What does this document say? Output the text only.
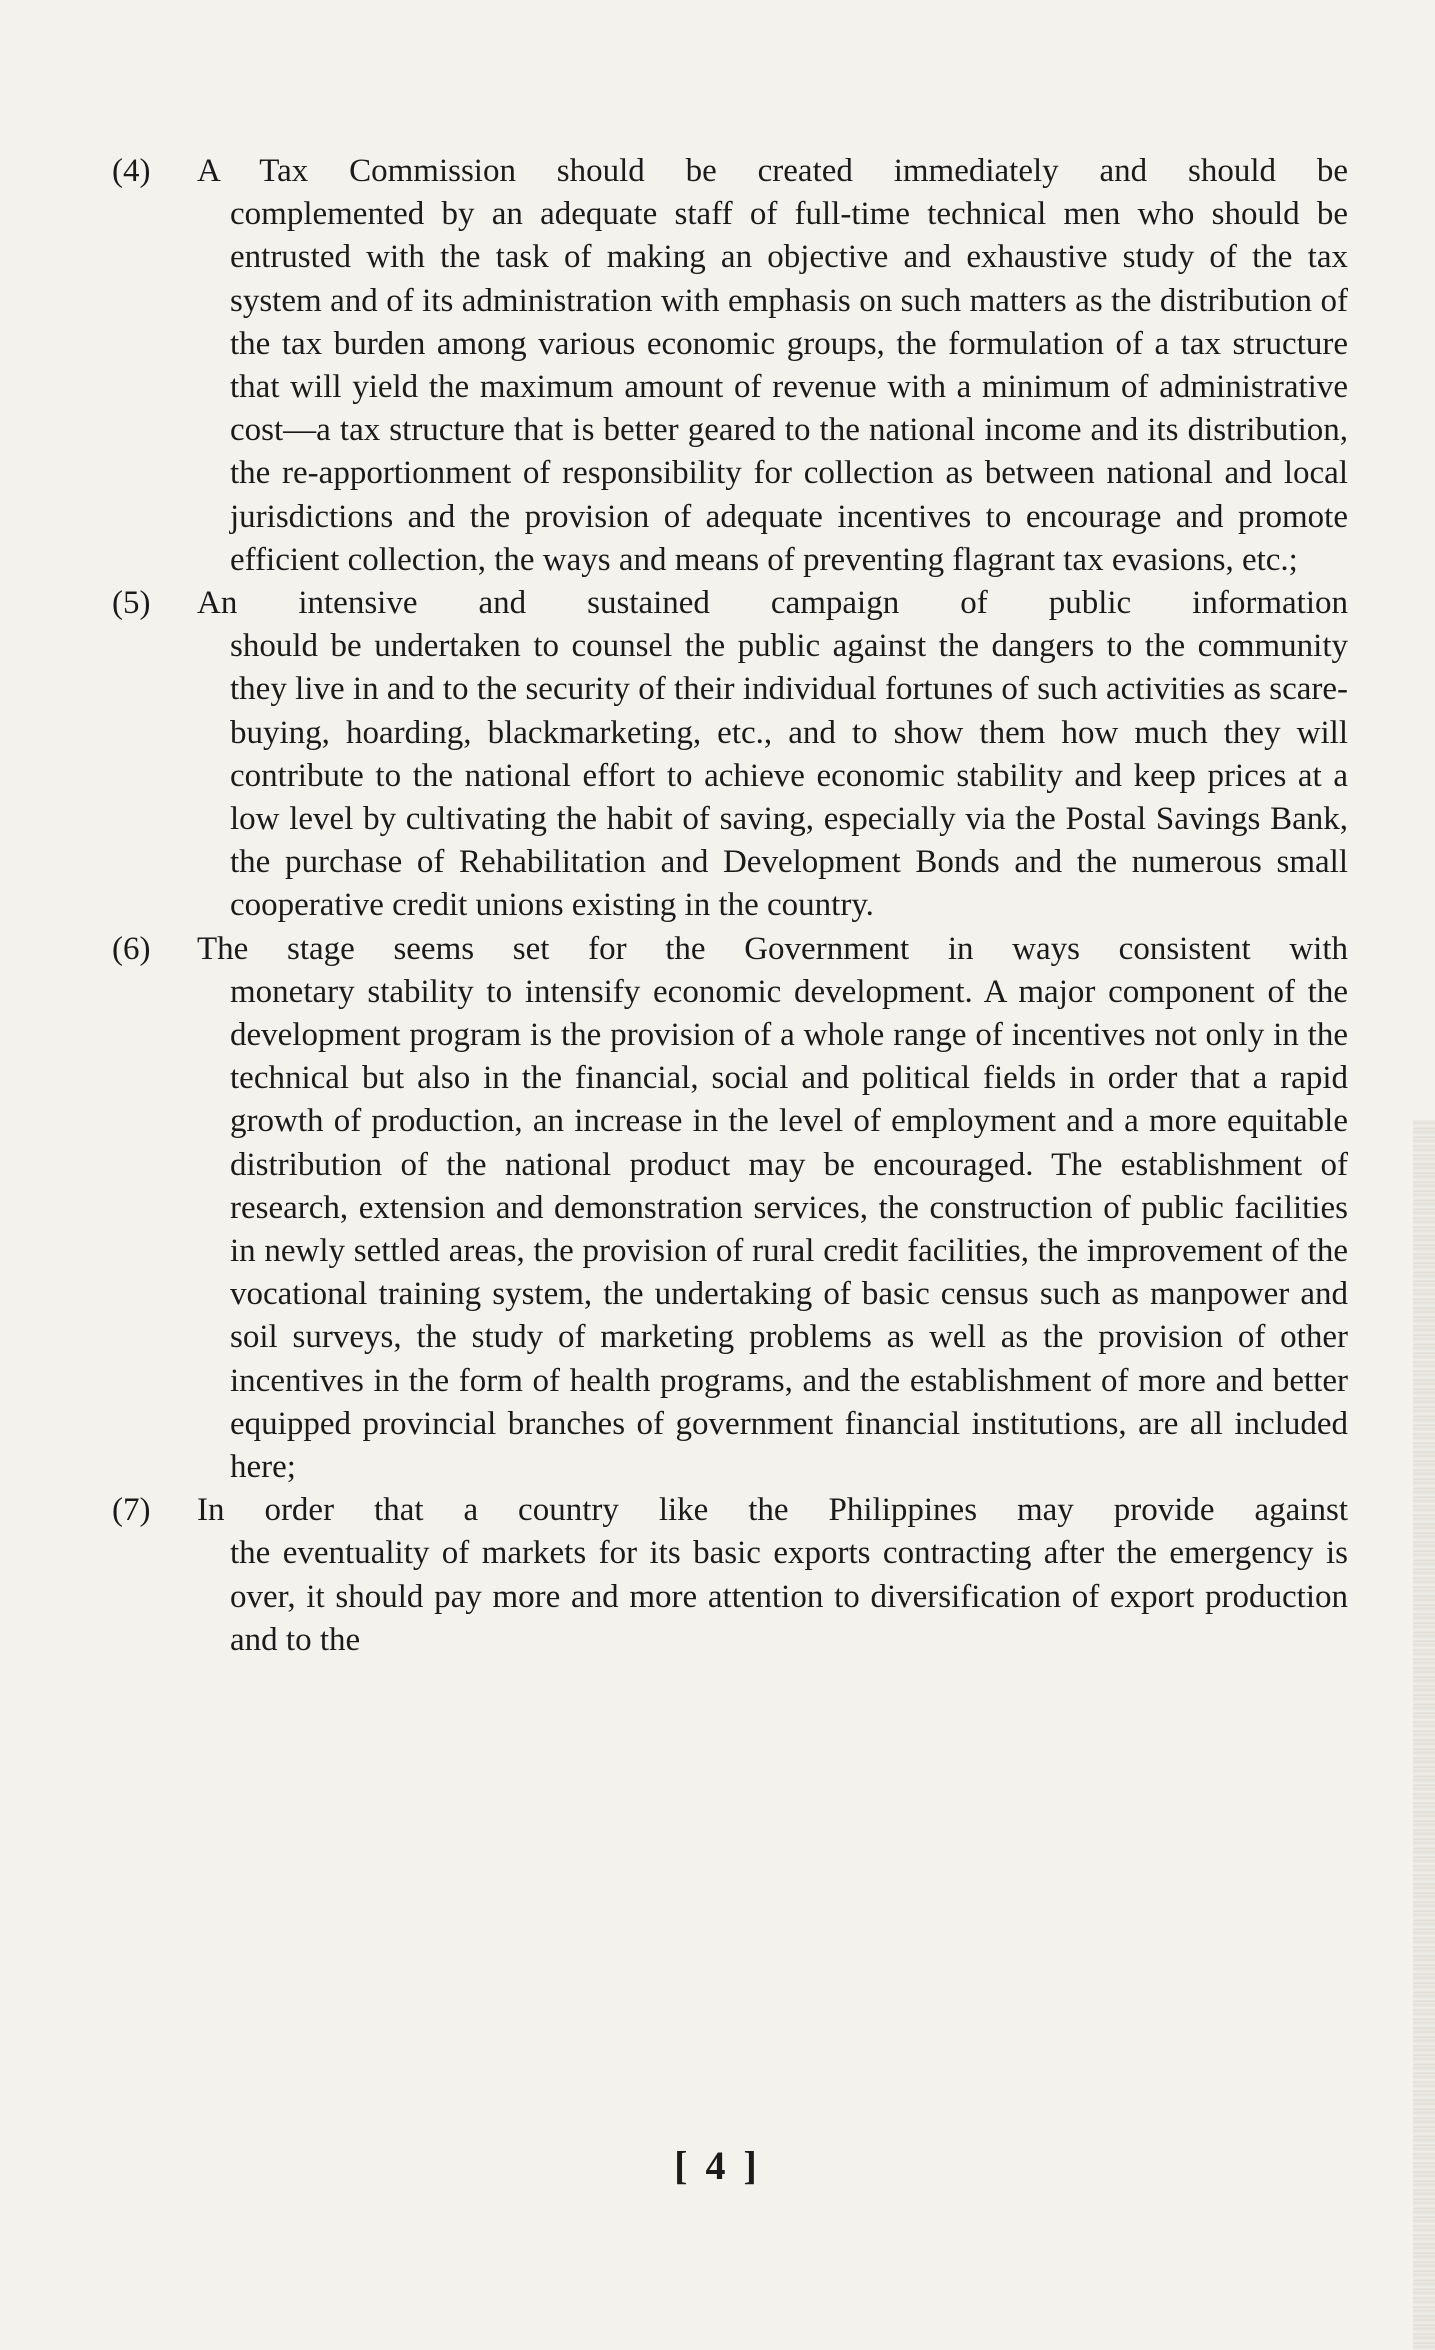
(4)	A Tax Commission should be created immediately and should be

complemented by an adequate staff of full-time technical men who should be entrusted with the task of making an objective and exhaustive study of the tax system and of its administration with emphasis on such matters as the distribution of the tax burden among various economic groups, the formulation of a tax structure that will yield the maximum amount of revenue with a minimum of administrative cost—a tax structure that is better geared to the national income and its distribution, the re-apportionment of responsibility for collection as between national and local jurisdictions and the provision of adequate incentives to encourage and promote efficient collection, the ways and means of preventing flagrant tax evasions, etc.;

(5)	An intensive and sustained campaign of public information

should be undertaken to counsel the public against the dangers to the community they live in and to the security of their individual fortunes of such activities as scare-buying, hoarding, blackmarketing, etc., and to show them how much they will contribute to the national effort to achieve economic stability and keep prices at a low level by cultivating the habit of saving, especially via the Postal Savings Bank, the purchase of Rehabilitation and Development Bonds and the numerous small cooperative credit unions existing in the country.

(6)	The stage seems set for the Government in ways consistent with

monetary stability to intensify economic development. A major component of the development program is the provision of a whole range of incentives not only in the technical but also in the financial, social and political fields in order that a rapid growth of production, an increase in the level of employment and a more equitable distribution of the national product may be encouraged. The establishment of research, extension and demonstration services, the construction of public facilities in newly settled areas, the provision of rural credit facilities, the improvement of the vocational training system, the undertaking of basic census such as manpower and soil surveys, the study of marketing problems as well as the provision of other incentives in the form of health programs, and the establishment of more and better equipped provincial branches of government financial institutions, are all included here;

(7)	In order that a country like the Philippines may provide against

the eventuality of markets for its basic exports contracting after the emergency is over, it should pay more and more attention to diversification of export production and to the

[ 4 ]
